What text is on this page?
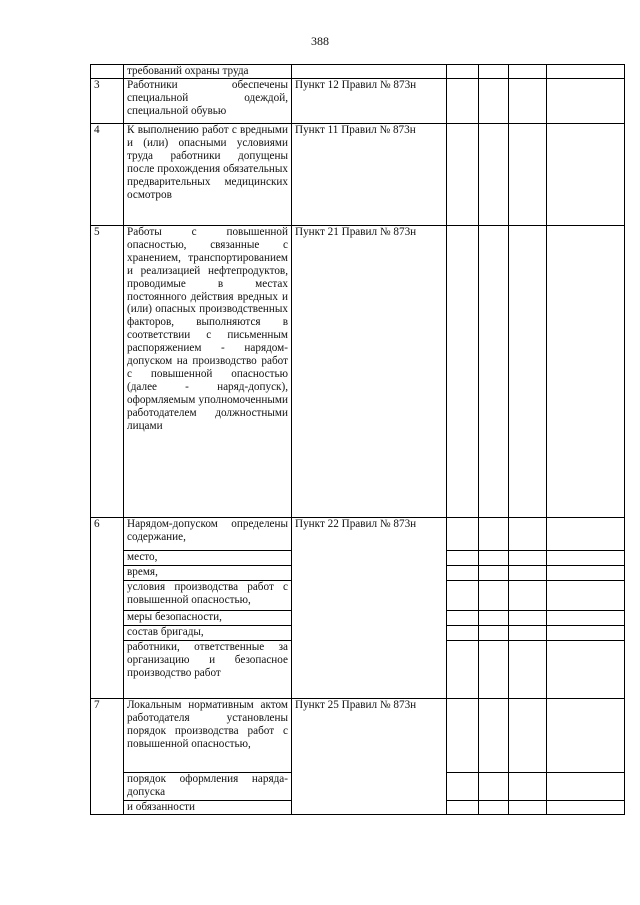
388
	требований охраны труда					
3	Работники обеспечены специальной одеждой, специальной обувью	Пункт 12 Правил № 873н				
4	К выполнению работ с вредными и (или) опасными условиями труда работники допущены после прохождения обязательных предварительных медицинских осмотров	Пункт 11 Правил № 873н				
5	Работы с повышенной опасностью, связанные с хранением, транспортированием и реализацией нефтепродуктов, проводимые в местах постоянного действия вредных и (или) опасных производственных факторов, выполняются в соответствии с письменным распоряжением - нарядом-допуском на производство работ с повышенной опасностью (далее - наряд-допуск), оформляемым уполномоченными работодателем должностными лицами	Пункт 21 Правил № 873н				
6	Нарядом-допуском определены содержание,	Пункт 22 Правил № 873н				
	место,					
	время,					
	условия производства работ с повышенной опасностью,					
	меры безопасности,					
	состав бригады,					
	работники, ответственные за организацию и безопасное производство работ					
7	Локальным нормативным актом работодателя установлены порядок производства работ с повышенной опасностью,	Пункт 25 Правил № 873н				
	порядок оформления наряда-допуска					
	и обязанности					
